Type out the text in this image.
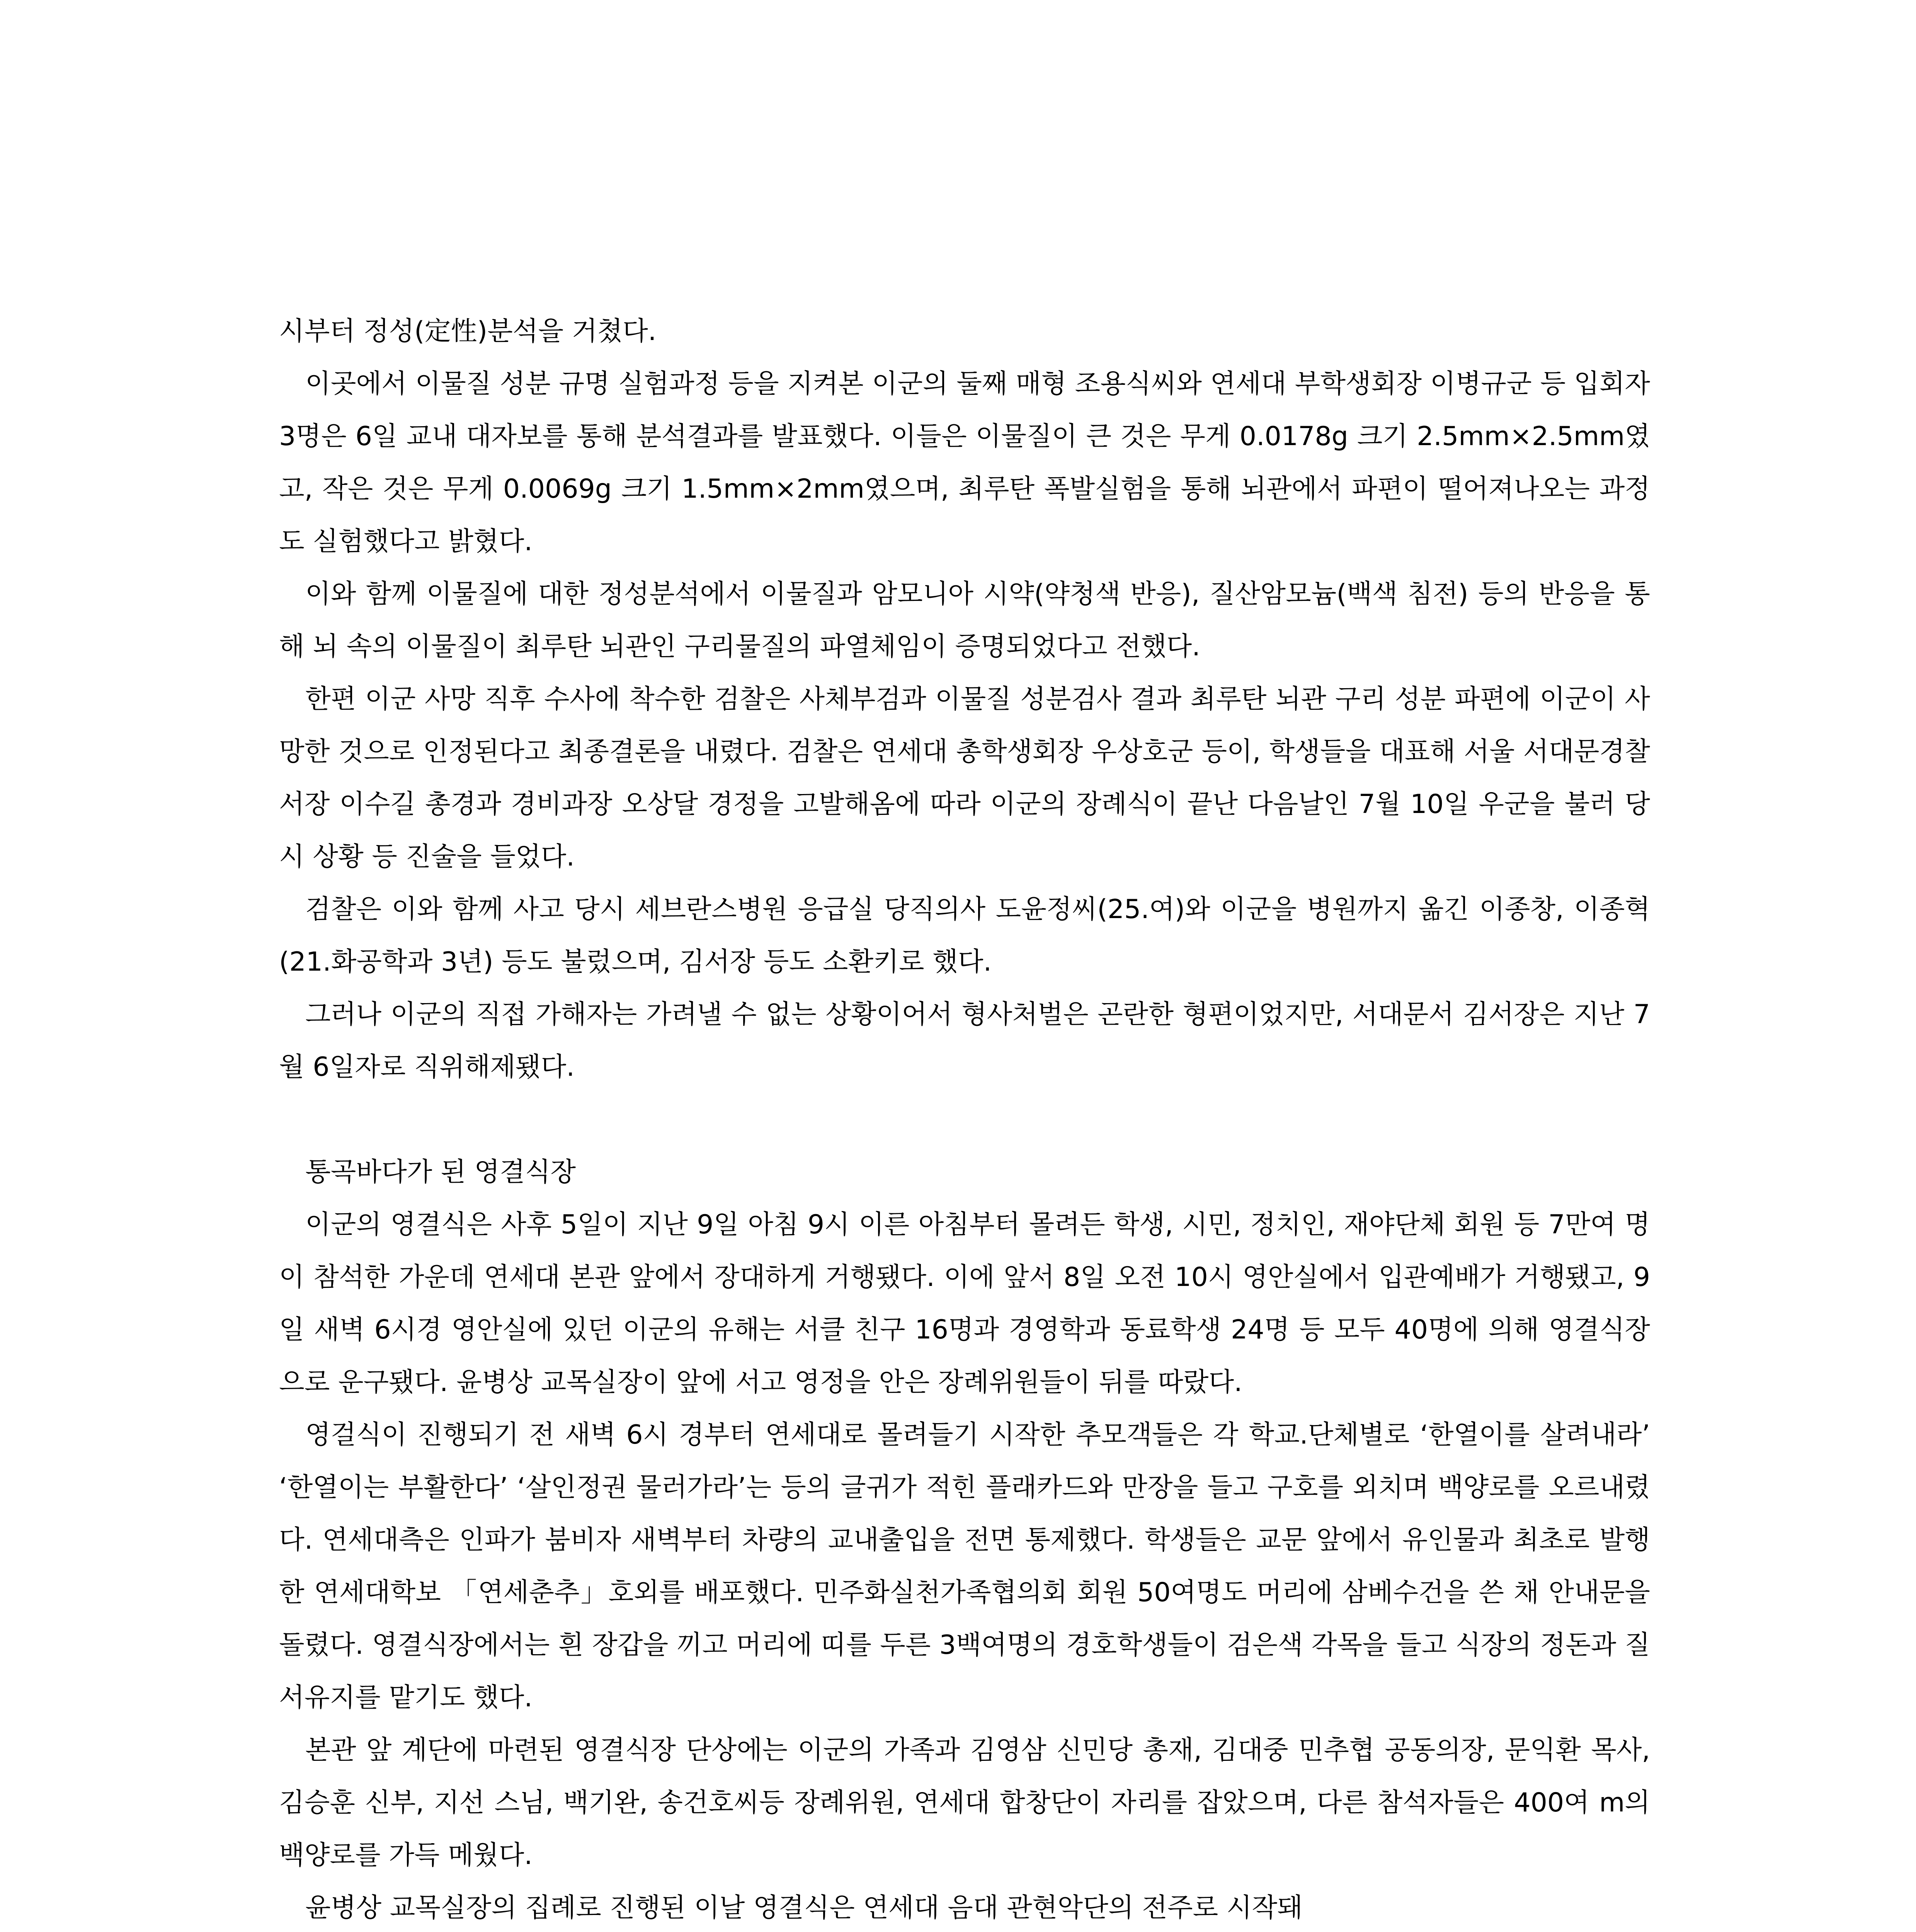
시부터 정성(定性)분석을 거쳤다.

이곳에서 이물질 성분 규명 실험과정 등을 지켜본 이군의 둘째 매형 조용식씨와 연세대 부학생회장 이병규군 등 입회자 3명은 6일 교내 대자보를 통해 분석결과를 발표했다. 이들은 이물질이 큰 것은 무게 0.0178g 크기 2.5mm×2.5mm였고, 작은 것은 무게 0.0069g 크기 1.5mm×2mm였으며, 최루탄 폭발실험을 통해 뇌관에서 파편이 떨어져나오는 과정도 실험했다고 밝혔다.

이와 함께 이물질에 대한 정성분석에서 이물질과 암모니아 시약(약청색 반응), 질산암모늄(백색 침전) 등의 반응을 통해 뇌 속의 이물질이 최루탄 뇌관인 구리물질의 파열체임이 증명되었다고 전했다.

한편 이군 사망 직후 수사에 착수한 검찰은 사체부검과 이물질 성분검사 결과 최루탄 뇌관 구리 성분 파편에 이군이 사망한 것으로 인정된다고 최종결론을 내렸다. 검찰은 연세대 총학생회장 우상호군 등이, 학생들을 대표해 서울 서대문경찰서장 이수길 총경과 경비과장 오상달 경정을 고발해옴에 따라 이군의 장례식이 끝난 다음날인 7월 10일 우군을 불러 당시 상황 등 진술을 들었다.

검찰은 이와 함께 사고 당시 세브란스병원 응급실 당직의사 도윤정씨(25.여)와 이군을 병원까지 옮긴 이종창, 이종혁(21.화공학과 3년) 등도 불렀으며, 김서장 등도 소환키로 했다.

그러나 이군의 직접 가해자는 가려낼 수 없는 상황이어서 형사처벌은 곤란한 형편이었지만, 서대문서 김서장은 지난 7월 6일자로 직위해제됐다.

통곡바다가 된 영결식장

이군의 영결식은 사후 5일이 지난 9일 아침 9시 이른 아침부터 몰려든 학생, 시민, 정치인, 재야단체 회원 등 7만여 명이 참석한 가운데 연세대 본관 앞에서 장대하게 거행됐다. 이에 앞서 8일 오전 10시 영안실에서 입관예배가 거행됐고, 9일 새벽 6시경 영안실에 있던 이군의 유해는 서클 친구 16명과 경영학과 동료학생 24명 등 모두 40명에 의해 영결식장으로 운구됐다. 윤병상 교목실장이 앞에 서고 영정을 안은 장례위원들이 뒤를 따랐다.

영걸식이 진행되기 전 새벽 6시 경부터 연세대로 몰려들기 시작한 추모객들은 각 학교.단체별로 ‘한열이를 살려내라’ ‘한열이는 부활한다’ ‘살인정권 물러가라’는 등의 글귀가 적힌 플래카드와 만장을 들고 구호를 외치며 백양로를 오르내렸다. 연세대측은 인파가 붐비자 새벽부터 차량의 교내출입을 전면 통제했다. 학생들은 교문 앞에서 유인물과 최초로 발행한 연세대학보 「연세춘추」호외를 배포했다. 민주화실천가족협의회 회원 50여명도 머리에 삼베수건을 쓴 채 안내문을 돌렸다. 영결식장에서는 흰 장갑을 끼고 머리에 띠를 두른 3백여명의 경호학생들이 검은색 각목을 들고 식장의 정돈과 질서유지를 맡기도 했다.

본관 앞 계단에 마련된 영결식장 단상에는 이군의 가족과 김영삼 신민당 총재, 김대중 민추협 공동의장, 문익환 목사, 김승훈 신부, 지선 스님, 백기완, 송건호씨등 장례위원, 연세대 합창단이 자리를 잡았으며, 다른 참석자들은 400여 m의 백양로를 가득 메웠다.

윤병상 교목실장의 집례로 진행된 이날 영결식은 연세대 음대 관현악단의 전주로 시작돼
